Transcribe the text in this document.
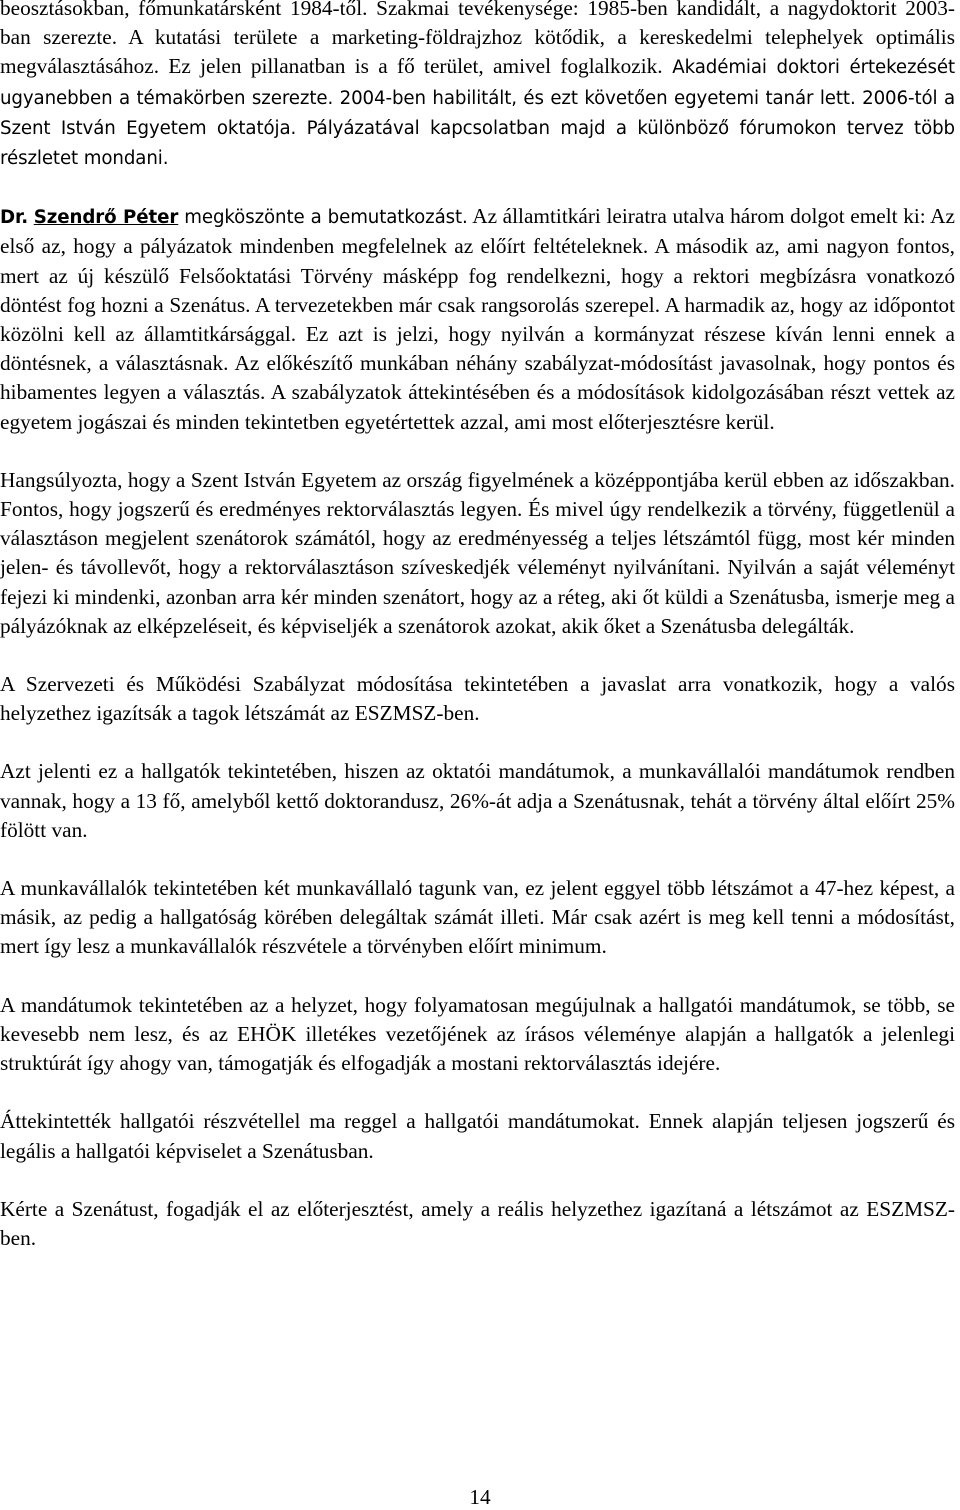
beosztásokban, főmunkatársként 1984-től. Szakmai tevékenysége: 1985-ben kandidált, a nagydoktorit 2003-ban szerezte. A kutatási területe a marketing-földrajzhoz kötődik, a kereskedelmi telephelyek optimális megválasztásához. Ez jelen pillanatban is a fő terület, amivel foglalkozik. Akadémiai doktori értekezését ugyanebben a témakörben szerezte. 2004-ben habilitált, és ezt követően egyetemi tanár lett. 2006-tól a Szent István Egyetem oktatója. Pályázatával kapcsolatban majd a különböző fórumokon tervez több részletet mondani.

Dr. Szendrő Péter megköszönte a bemutatkozást. Az államtitkári leiratra utalva három dolgot emelt ki: Az első az, hogy a pályázatok mindenben megfelelnek az előírt feltételeknek. A második az, ami nagyon fontos, mert az új készülő Felsőoktatási Törvény másképp fog rendelkezni, hogy a rektori megbízásra vonatkozó döntést fog hozni a Szenátus. A tervezetekben már csak rangsorolás szerepel. A harmadik az, hogy az időpontot közölni kell az államtitkársággal. Ez azt is jelzi, hogy nyilván a kormányzat részese kíván lenni ennek a döntésnek, a választásnak. Az előkészítő munkában néhány szabályzat-módosítást javasolnak, hogy pontos és hibamentes legyen a választás. A szabályzatok áttekintésében és a módosítások kidolgozásában részt vettek az egyetem jogászai és minden tekintetben egyetértettek azzal, ami most előterjesztésre kerül.

Hangsúlyozta, hogy a Szent István Egyetem az ország figyelmének a középpontjába kerül ebben az időszakban. Fontos, hogy jogszerű és eredményes rektorválasztás legyen. És mivel úgy rendelkezik a törvény, függetlenül a választáson megjelent szenátorok számától, hogy az eredményesség a teljes létszámtól függ, most kér minden jelen- és távollevőt, hogy a rektorválasztáson szíveskedjék véleményt nyilvánítani. Nyilván a saját véleményt fejezi ki mindenki, azonban arra kér minden szenátort, hogy az a réteg, aki őt küldi a Szenátusba, ismerje meg a pályázóknak az elképzeléseit, és képviseljék a szenátorok azokat, akik őket a Szenátusba delegálták.

A Szervezeti és Működési Szabályzat módosítása tekintetében a javaslat arra vonatkozik, hogy a valós helyzethez igazítsák a tagok létszámát az ESZMSZ-ben.

Azt jelenti ez a hallgatók tekintetében, hiszen az oktatói mandátumok, a munkavállalói mandátumok rendben vannak, hogy a 13 fő, amelyből kettő doktorandusz, 26%-át adja a Szenátusnak, tehát a törvény által előírt 25% fölött van.

A munkavállalók tekintetében két munkavállaló tagunk van, ez jelent eggyel több létszámot a 47-hez képest, a másik, az pedig a hallgatóság körében delegáltak számát illeti. Már csak azért is meg kell tenni a módosítást, mert így lesz a munkavállalók részvétele a törvényben előírt minimum.

A mandátumok tekintetében az a helyzet, hogy folyamatosan megújulnak a hallgatói mandátumok, se több, se kevesebb nem lesz, és az EHÖK illetékes vezetőjének az írásos véleménye alapján a hallgatók a jelenlegi struktúrát így ahogy van, támogatják és elfogadják a mostani rektorválasztás idejére.

Áttekintették hallgatói részvétellel ma reggel a hallgatói mandátumokat. Ennek alapján teljesen jogszerű és legális a hallgatói képviselet a Szenátusban.

Kérte a Szenátust, fogadják el az előterjesztést, amely a reális helyzethez igazítaná a létszámot az ESZMSZ-ben.

14
